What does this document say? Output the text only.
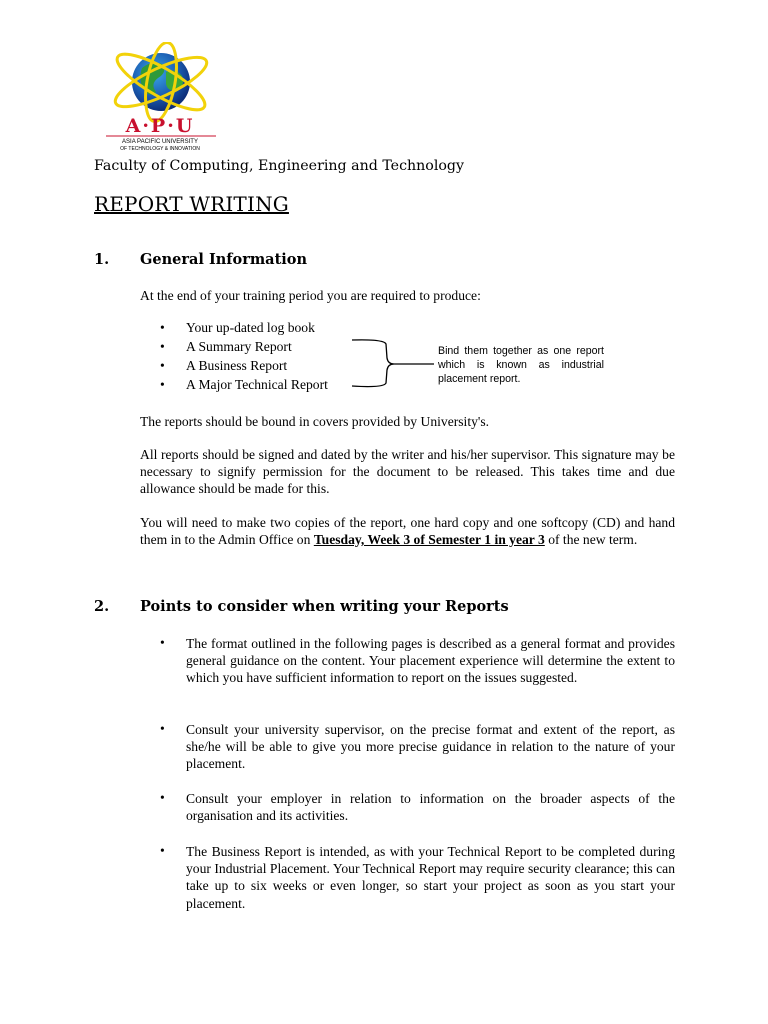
A·P·U
ASIA PACIFIC UNIVERSITY
OF TECHNOLOGY & INNOVATION
Faculty of Computing, Engineering and Technology
REPORT WRITING
1. General Information
At the end of your training period you are required to produce:
• Your up-dated log book
• A Summary Report
• A Business Report
• A Major Technical Report
Bind them together as one report which is known as industrial placement report.
The reports should be bound in covers provided by University's.
All reports should be signed and dated by the writer and his/her supervisor. This signature may be necessary to signify permission for the document to be released. This takes time and due allowance should be made for this.
You will need to make two copies of the report, one hard copy and one softcopy (CD) and hand them in to the Admin Office on Tuesday, Week 3 of Semester 1 in year 3 of the new term.
2. Points to consider when writing your Reports
• The format outlined in the following pages is described as a general format and provides general guidance on the content. Your placement experience will determine the extent to which you have sufficient information to report on the issues suggested.
• Consult your university supervisor, on the precise format and extent of the report, as she/he will be able to give you more precise guidance in relation to the nature of your placement.
• Consult your employer in relation to information on the broader aspects of the organisation and its activities.
• The Business Report is intended, as with your Technical Report to be completed during your Industrial Placement. Your Technical Report may require security clearance; this can take up to six weeks or even longer, so start your project as soon as you start your placement.
